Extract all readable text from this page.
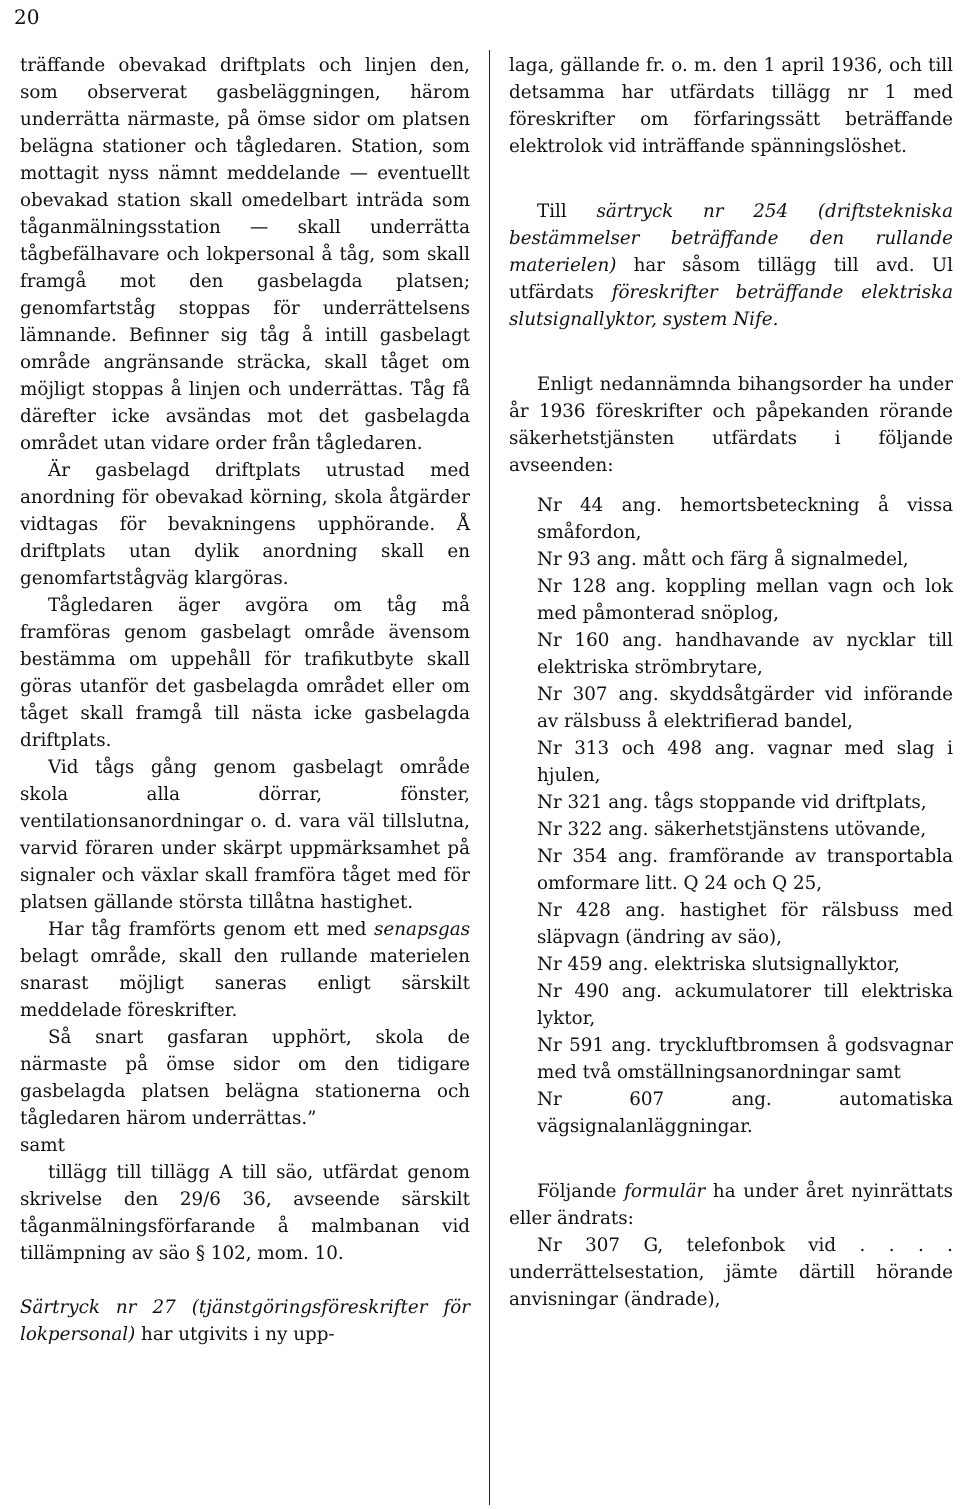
20

träffande obevakad driftplats och linjen den, som observerat gasbeläggningen, härom underrätta närmaste, på ömse sidor om platsen belägna stationer och tågledaren. Station, som mottagit nyss nämnt meddelande — eventuellt obevakad station skall omedelbart inträda som tåganmälningsstation — skall underrätta tågbefälhavare och lokpersonal å tåg, som skall framgå mot den gasbelagda platsen; genomfartståg stoppas för underrättelsens lämnande. Befinner sig tåg å intill gasbelagt område angränsande sträcka, skall tåget om möjligt stoppas å linjen och underrättas. Tåg få därefter icke avsändas mot det gasbelagda området utan vidare order från tågledaren.

Är gasbelagd driftplats utrustad med anordning för obevakad körning, skola åtgärder vidtagas för bevakningens upphörande. Å driftplats utan dylik anordning skall en genomfartstågväg klargöras.

Tågledaren äger avgöra om tåg må framföras genom gasbelagt område ävensom bestämma om uppehåll för trafikutbyte skall göras utanför det gasbelagda området eller om tåget skall framgå till nästa icke gasbelagda driftplats.

Vid tågs gång genom gasbelagt område skola alla dörrar, fönster, ventilationsanordningar o. d. vara väl tillslutna, varvid föraren under skärpt uppmärksamhet på signaler och växlar skall framföra tåget med för platsen gällande största tillåtna hastighet.

Har tåg framförts genom ett med senapsgas belagt område, skall den rullande materielen snarast möjligt saneras enligt särskilt meddelade föreskrifter.

Så snart gasfaran upphört, skola de närmaste på ömse sidor om den tidigare gasbelagda platsen belägna stationerna och tågledaren härom underrättas.”

samt

tillägg till tillägg A till säo, utfärdat genom skrivelse den 29/6 36, avseende särskilt tåganmälningsförfarande å malmbanan vid tillämpning av säo § 102, mom. 10.

Särtryck nr 27 (tjänstgöringsföreskrifter för lokpersonal) har utgivits i ny upp-

laga, gällande fr. o. m. den 1 april 1936, och till detsamma har utfärdats tillägg nr 1 med föreskrifter om förfaringssätt beträffande elektrolok vid inträffande spänningslöshet.

Till särtryck nr 254 (driftstekniska bestämmelser beträffande den rullande materielen) har såsom tillägg till avd. Ul utfärdats föreskrifter beträffande elektriska slutsignallyktor, system Nife.

Enligt nedannämnda bihangsorder ha under år 1936 föreskrifter och påpekanden rörande säkerhetstjänsten utfärdats i följande avseenden:

Nr 44 ang. hemortsbeteckning å vissa småfordon,

Nr 93 ang. mått och färg å signalmedel,

Nr 128 ang. koppling mellan vagn och lok med påmonterad snöplog,

Nr 160 ang. handhavande av nycklar till elektriska strömbrytare,

Nr 307 ang. skyddsåtgärder vid införande av rälsbuss å elektrifierad bandel,

Nr 313 och 498 ang. vagnar med slag i hjulen,

Nr 321 ang. tågs stoppande vid driftplats,

Nr 322 ang. säkerhetstjänstens utövande,

Nr 354 ang. framförande av transportabla omformare litt. Q 24 och Q 25,

Nr 428 ang. hastighet för rälsbuss med släpvagn (ändring av säo),

Nr 459 ang. elektriska slutsignallyktor,

Nr 490 ang. ackumulatorer till elektriska lyktor,

Nr 591 ang. tryckluftbromsen å godsvagnar med två omställningsanordningar samt

Nr 607 ang. automatiska vägsignalanläggningar.

Följande formulär ha under året nyinrättats eller ändrats:

Nr 307 G, telefonbok vid . . . . underrättelsestation, jämte därtill hörande anvisningar (ändrade),
